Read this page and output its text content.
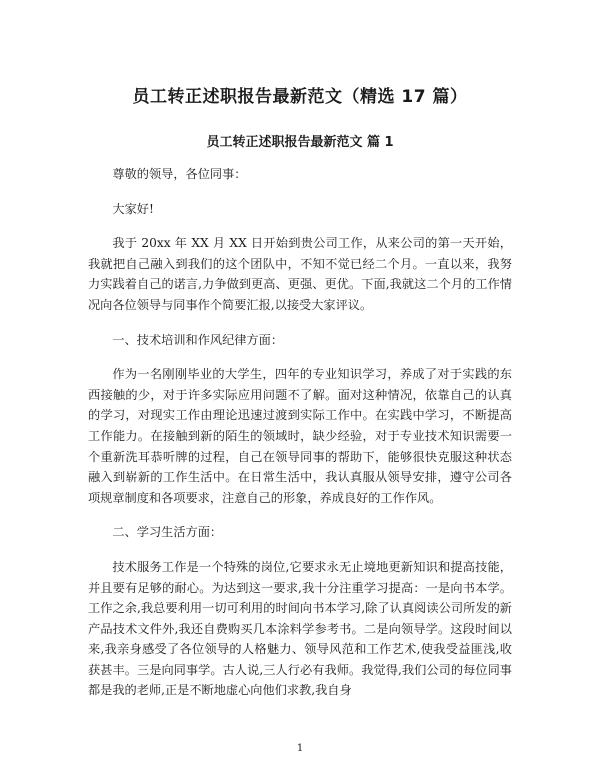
员工转正述职报告最新范文（精选 17 篇）
员工转正述职报告最新范文 篇 1

尊敬的领导，各位同事：

大家好!

我于 20xx 年 XX 月 XX 日开始到贵公司工作，从来公司的第一天开始，我就把自己融入到我们的这个团队中，不知不觉已经二个月。一直以来，我努力实践着自己的诺言,力争做到更高、更强、更优。下面,我就这二个月的工作情况向各位领导与同事作个简要汇报,以接受大家评议。

一、技术培训和作风纪律方面：

作为一名刚刚毕业的大学生，四年的专业知识学习，养成了对于实践的东西接触的少，对于许多实际应用问题不了解。面对这种情况，依靠自己的认真的学习，对现实工作由理论迅速过渡到实际工作中。在实践中学习，不断提高工作能力。在接触到新的陌生的领域时，缺少经验，对于专业技术知识需要一个重新洗耳恭听牌的过程，自己在领导同事的帮助下，能够很快克服这种状态融入到崭新的工作生活中。在日常生活中，我认真服从领导安排，遵守公司各项规章制度和各项要求，注意自己的形象，养成良好的工作作风。

二、学习生活方面：

技术服务工作是一个特殊的岗位,它要求永无止境地更新知识和提高技能，并且要有足够的耐心。为达到这一要求,我十分注重学习提高：一是向书本学。工作之余,我总要利用一切可利用的时间向书本学习,除了认真阅读公司所发的新产品技术文件外,我还自费购买几本涂料学参考书。二是向领导学。这段时间以来,我亲身感受了各位领导的人格魅力、领导风范和工作艺术,使我受益匪浅,收获甚丰。三是向同事学。古人说,三人行必有我师。我觉得,我们公司的每位同事都是我的老师,正是不断地虚心向他们求教,我自身

1
